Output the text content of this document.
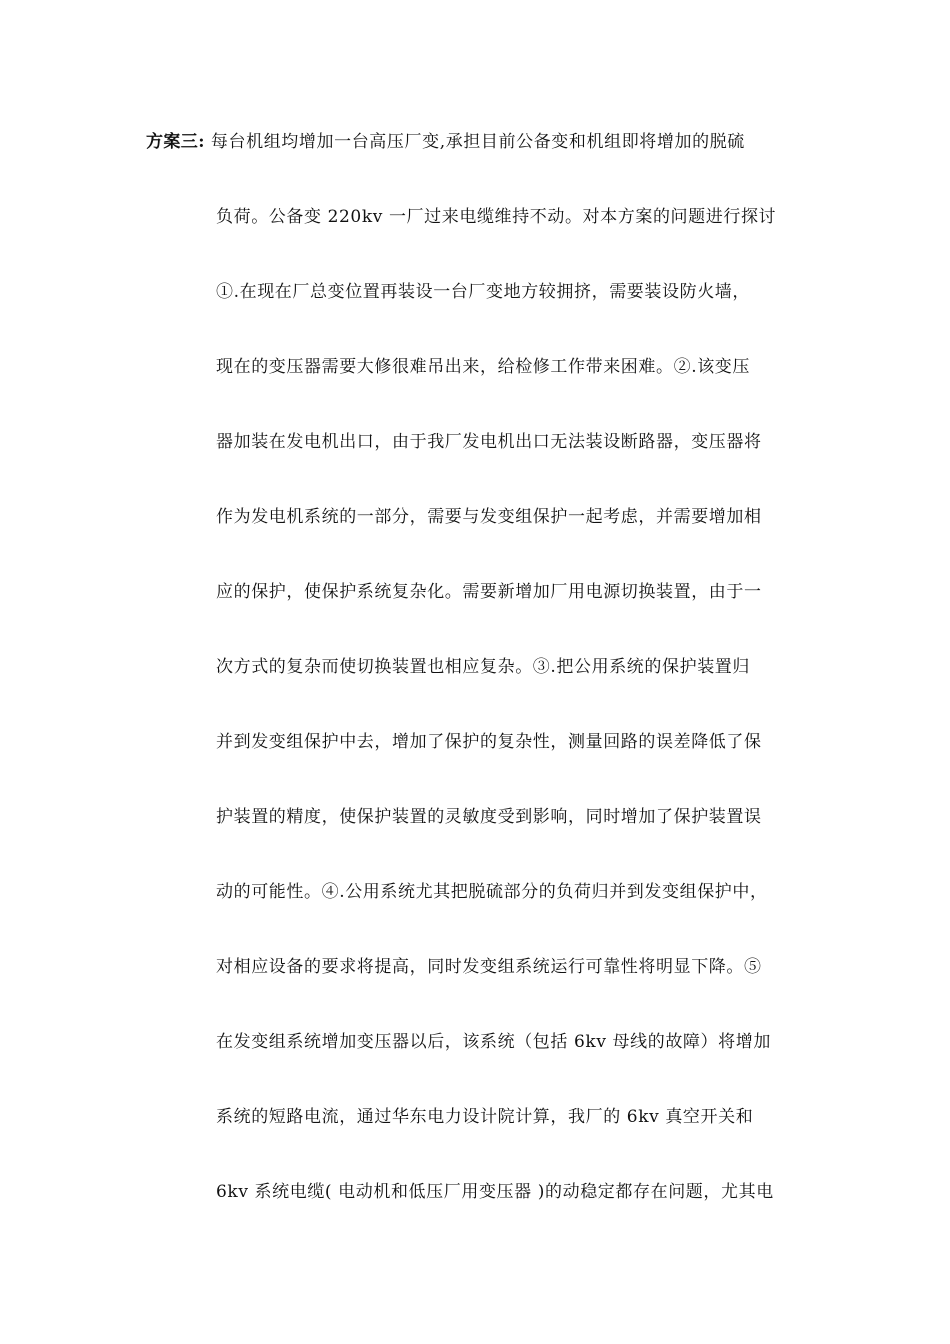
方案三: 每台机组均增加一台高压厂变,承担目前公备变和机组即将增加的脱硫
负荷。公备变 220kv 一厂过来电缆维持不动。对本方案的问题进行探讨
①.在现在厂总变位置再装设一台厂变地方较拥挤，需要装设防火墙，
现在的变压器需要大修很难吊出来，给检修工作带来困难。②.该变压
器加装在发电机出口，由于我厂发电机出口无法装设断路器，变压器将
作为发电机系统的一部分，需要与发变组保护一起考虑，并需要增加相
应的保护，使保护系统复杂化。需要新增加厂用电源切换装置，由于一
次方式的复杂而使切换装置也相应复杂。③.把公用系统的保护装置归
并到发变组保护中去，增加了保护的复杂性，测量回路的误差降低了保
护装置的精度，使保护装置的灵敏度受到影响，同时增加了保护装置误
动的可能性。④.公用系统尤其把脱硫部分的负荷归并到发变组保护中，
对相应设备的要求将提高，同时发变组系统运行可靠性将明显下降。⑤
在发变组系统增加变压器以后，该系统（包括 6kv 母线的故障）将增加
系统的短路电流，通过华东电力设计院计算，我厂的 6kv 真空开关和
6kv 系统电缆( 电动机和低压厂用变压器 )的动稳定都存在问题，尤其电
